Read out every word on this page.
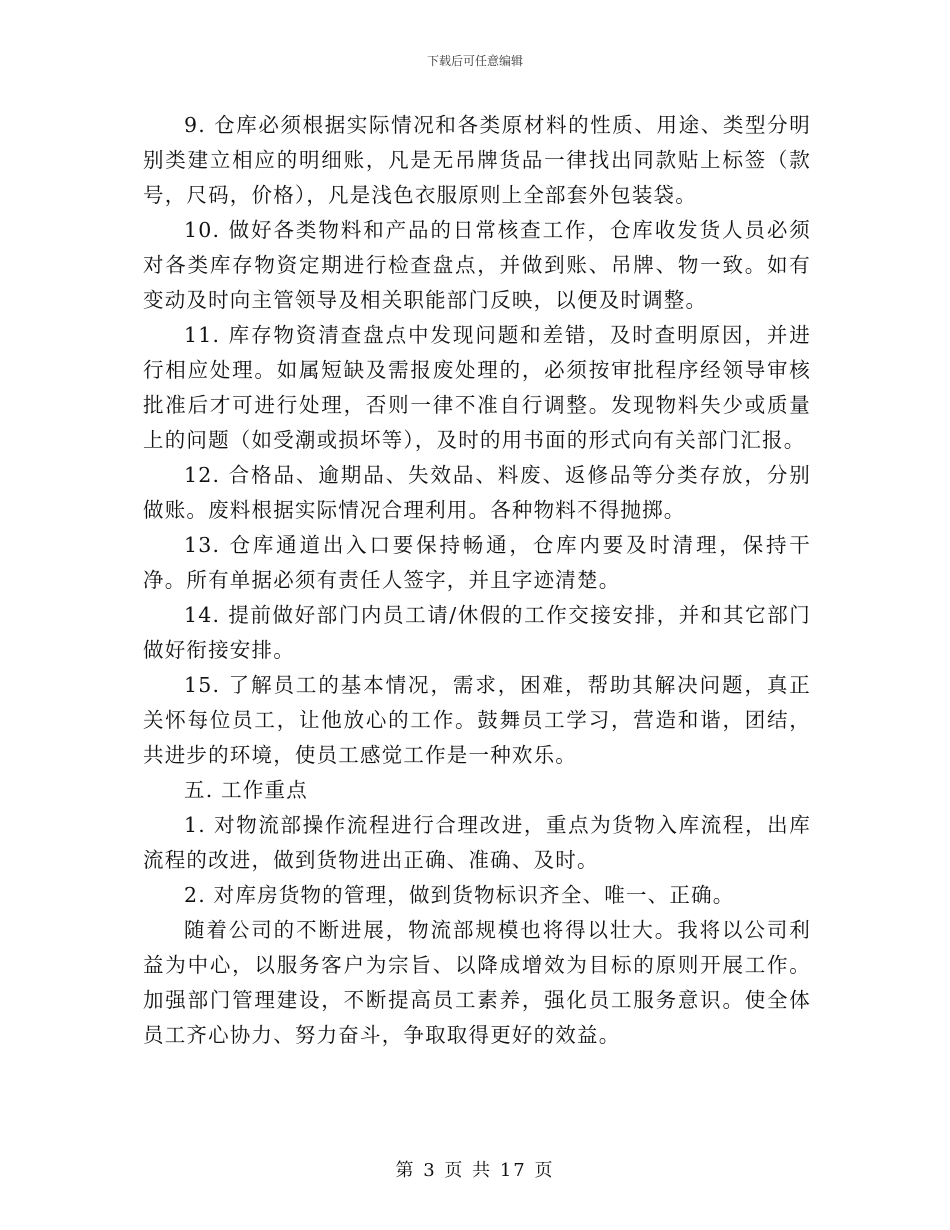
下载后可任意编辑

9. 仓库必须根据实际情况和各类原材料的性质、用途、类型分明别类建立相应的明细账，凡是无吊牌货品一律找出同款贴上标签（款号，尺码，价格），凡是浅色衣服原则上全部套外包装袋。

10. 做好各类物料和产品的日常核查工作，仓库收发货人员必须对各类库存物资定期进行检查盘点，并做到账、吊牌、物一致。如有变动及时向主管领导及相关职能部门反映，以便及时调整。

11. 库存物资清查盘点中发现问题和差错，及时查明原因，并进行相应处理。如属短缺及需报废处理的，必须按审批程序经领导审核批准后才可进行处理，否则一律不准自行调整。发现物料失少或质量上的问题（如受潮或损坏等），及时的用书面的形式向有关部门汇报。

12. 合格品、逾期品、失效品、料废、返修品等分类存放，分别做账。废料根据实际情况合理利用。各种物料不得抛掷。

13. 仓库通道出入口要保持畅通，仓库内要及时清理，保持干净。所有单据必须有责任人签字，并且字迹清楚。

14. 提前做好部门内员工请/休假的工作交接安排，并和其它部门做好衔接安排。

15. 了解员工的基本情况，需求，困难，帮助其解决问题，真正关怀每位员工，让他放心的工作。鼓舞员工学习，营造和谐，团结，共进步的环境，使员工感觉工作是一种欢乐。

五. 工作重点

1. 对物流部操作流程进行合理改进，重点为货物入库流程，出库流程的改进，做到货物进出正确、准确、及时。

2. 对库房货物的管理，做到货物标识齐全、唯一、正确。

随着公司的不断进展，物流部规模也将得以壮大。我将以公司利益为中心，以服务客户为宗旨、以降成增效为目标的原则开展工作。加强部门管理建设，不断提高员工素养，强化员工服务意识。使全体员工齐心协力、努力奋斗，争取取得更好的效益。

第 3 页 共 17 页
